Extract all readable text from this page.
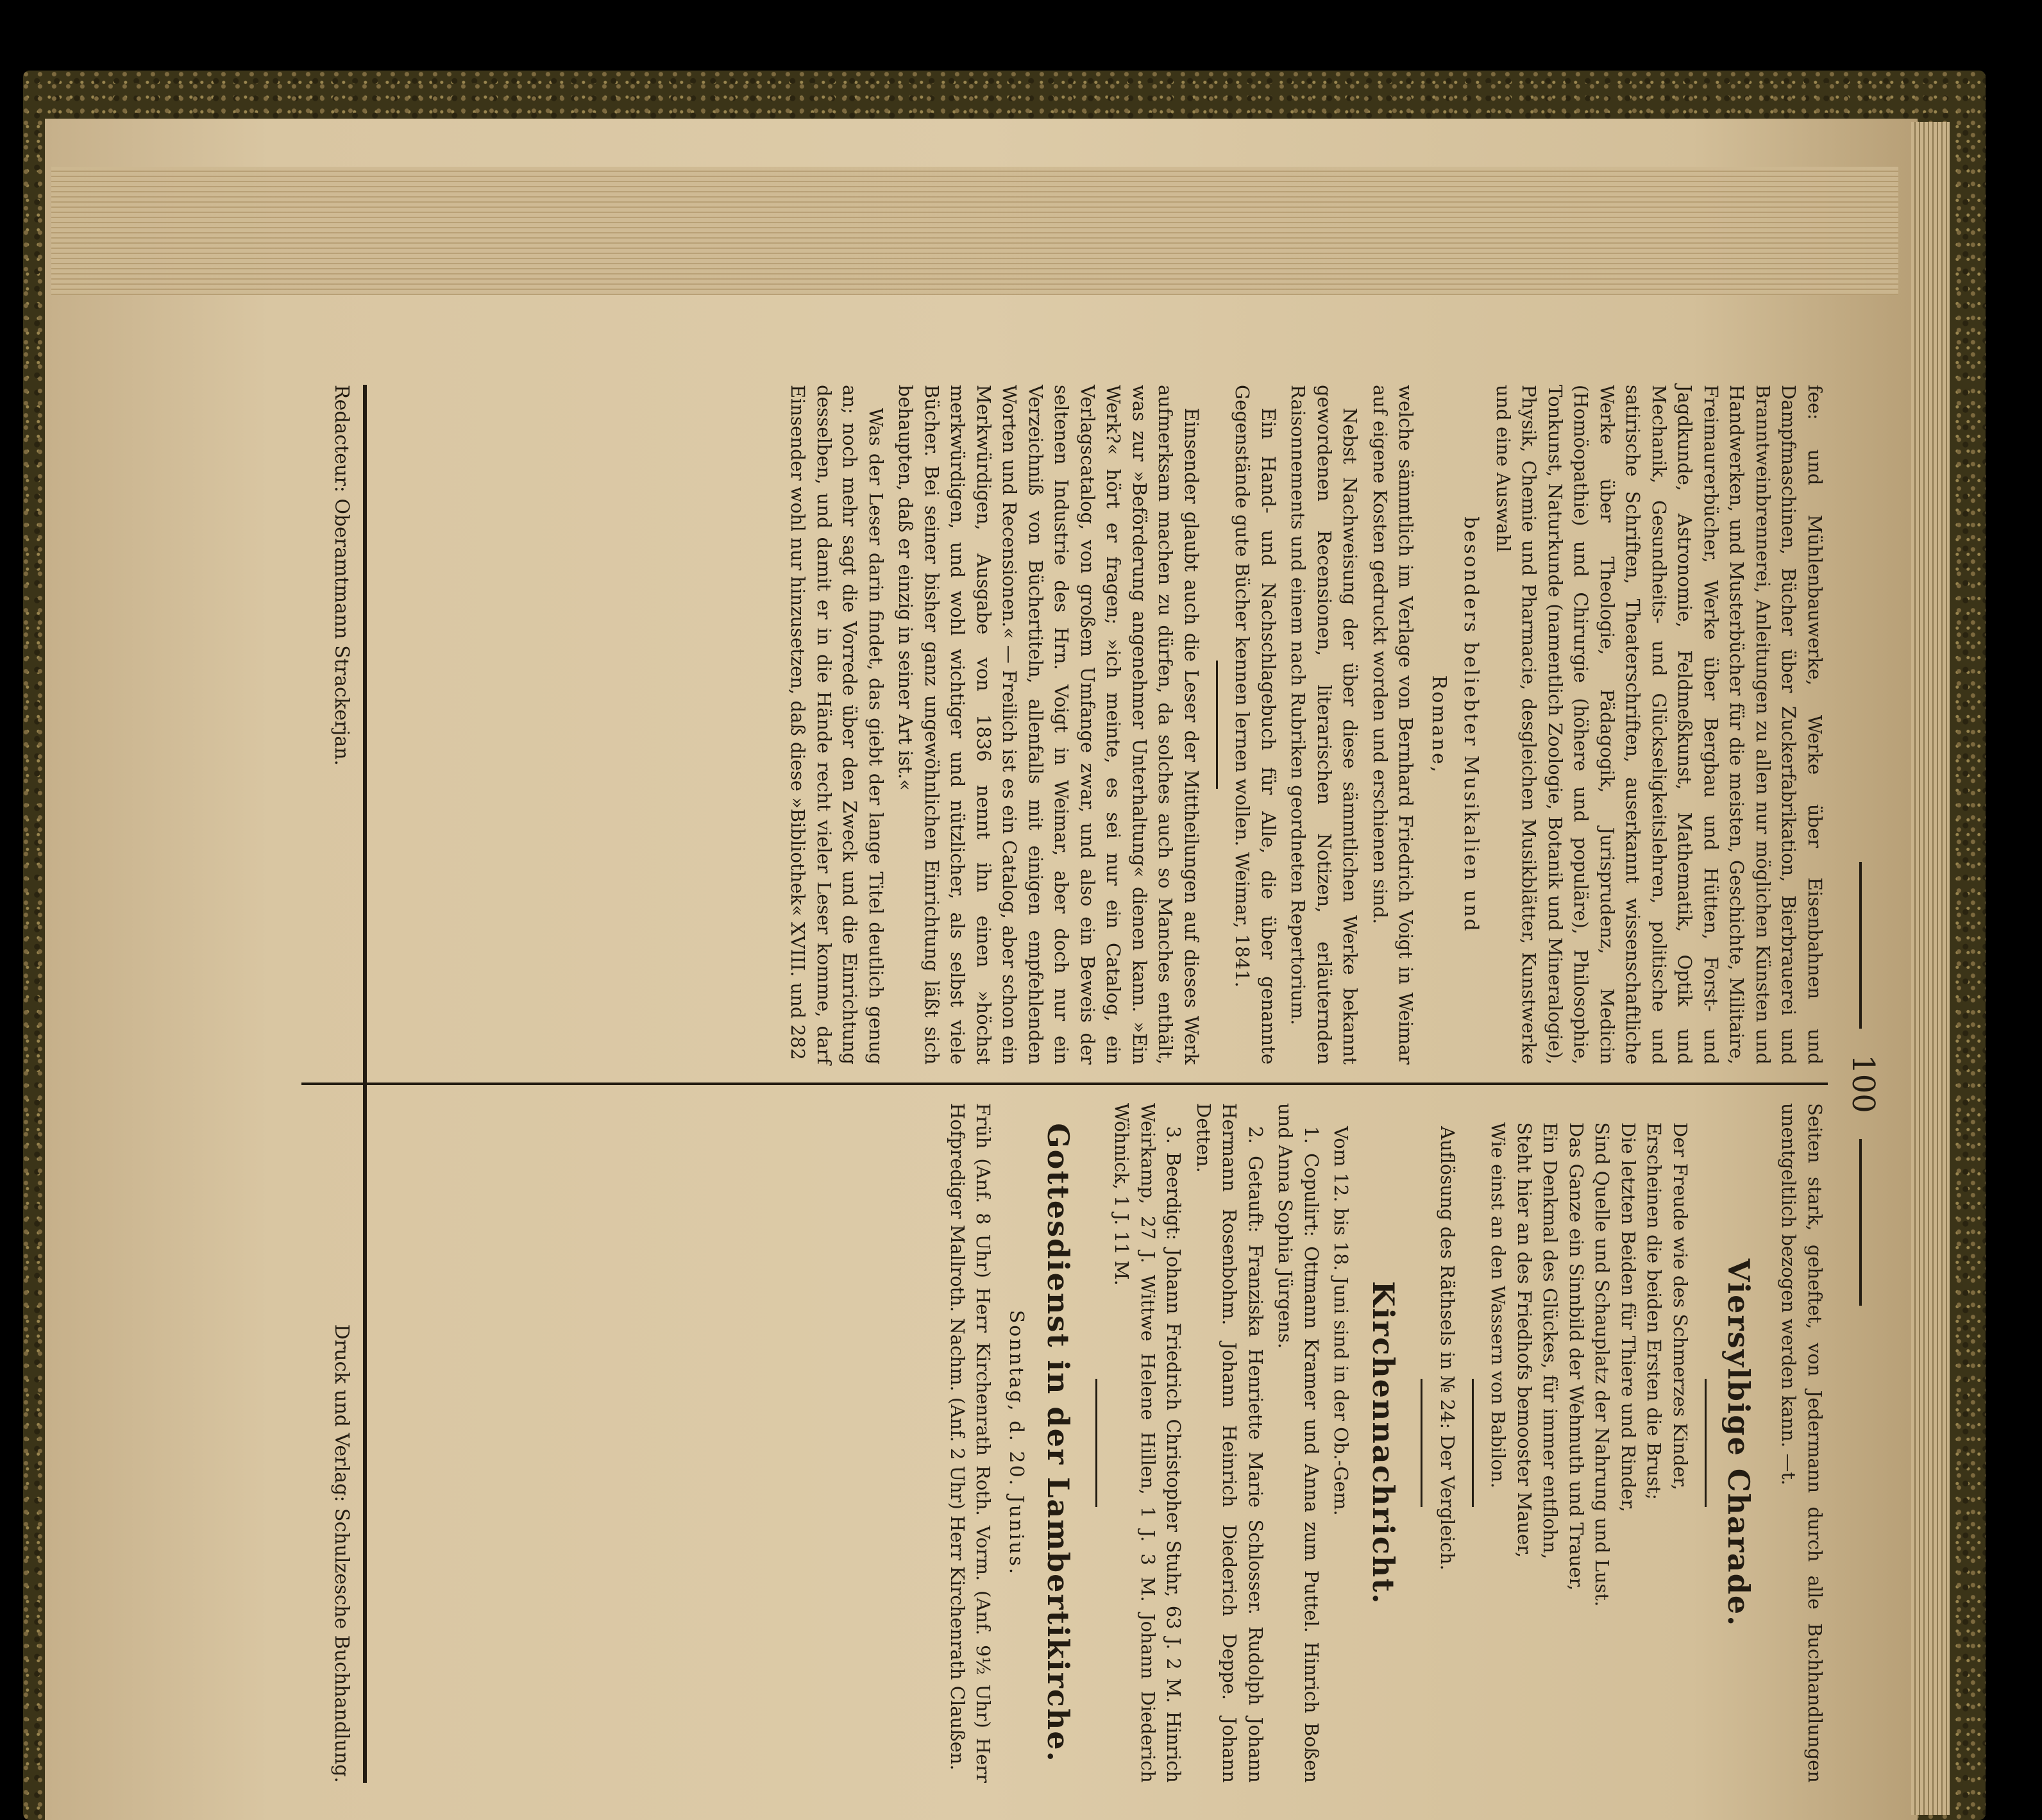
100

fee: und Mühlenbauwerke, Werke über Eisenbahnen und Dampfmaschinen, Bücher über Zuckerfabrikation, Bierbrauerei und Branntweinbrennerei, Anleitungen zu allen nur möglichen Künsten und Handwerken, und Musterbücher für die meisten, Geschichte, Militaire, Freimaurerbücher, Werke über Bergbau und Hütten, Forst- und Jagdkunde, Astronomie, Feldmeßkunst, Mathematik, Optik und Mechanik, Gesundheits- und Glückseligkeitslehren, politische und satirische Schriften, Theaterschriften, auserkannt wissenschaftliche Werke über Theologie, Pädagogik, Jurisprudenz, Medicin (Homöopathie) und Chirurgie (höhere und populäre), Philosophie, Tonkunst, Naturkunde (namentlich Zoologie, Botanik und Mineralogie), Physik, Chemie und Pharmacie, desgleichen Musikblätter, Kunstwerke und eine Auswahl

besonders beliebter Musikalien und
Romane,

welche sämmtlich im Verlage von Bernhard Friedrich Voigt in Weimar auf eigene Kosten gedruckt worden und erschienen sind.

Nebst Nachweisung der über diese sämmtlichen Werke bekannt gewordenen Recensionen, literarischen Notizen, erläuternden Raisonnements und einem nach Rubriken geordneten Repertorium.

Ein Hand- und Nachschlagebuch für Alle, die über genannte Gegenstände gute Bücher kennen lernen wollen. Weimar, 1841.

Einsender glaubt auch die Leser der Mittheilungen auf dieses Werk aufmerksam machen zu dürfen, da solches auch so Manches enthält, was zur »Beförderung angenehmer Unterhaltung« dienen kann. »Ein Werk?« hört er fragen; »ich meinte, es sei nur ein Catalog, ein Verlagscatalog, von großem Umfange zwar, und also ein Beweis der seltenen Industrie des Hrn. Voigt in Weimar, aber doch nur ein Verzeichniß von Büchertiteln, allenfalls mit einigen empfehlenden Worten und Recensionen.« — Freilich ist es ein Catalog, aber schon ein Merkwürdigen, Ausgabe von 1836 nennt ihn einen »höchst merkwürdigen, und wohl wichtiger und nützlicher, als selbst viele Bücher. Bei seiner bisher ganz ungewöhnlichen Einrichtung läßt sich behaupten, daß er einzig in seiner Art ist.«

Was der Leser darin findet, das giebt der lange Titel deutlich genug an; noch mehr sagt die Vorrede über den Zweck und die Einrichtung desselben, und damit er in die Hände recht vieler Leser komme, darf Einsender wohl nur hinzusetzen, daß diese »Bibliothek« XVIII. und 282

Seiten stark, geheftet, von Jedermann durch alle Buchhandlungen unentgeltlich bezogen werden kann. —t.

Viersylbige Charade.

Der Freude wie des Schmerzes Kinder,

Erscheinen die beiden Ersten die Brust;

Die letzten Beiden für Thiere und Rinder,

Sind Quelle und Schauplatz der Nahrung und Lust.

Das Ganze ein Sinnbild der Wehmuth und Trauer,

Ein Denkmal des Glückes, für immer entflohn,

Steht hier an des Friedhofs bemooster Mauer,

Wie einst an den Wassern von Babilon.

Auflösung des Räthsels in № 24: Der Vergleich.

Kirchennachricht.

Vom 12. bis 18. Juni sind in der Ob.-Gem.

1. Copulirt: Ottmann Kramer und Anna zum Puttel. Hinrich Boßen und Anna Sophia Jürgens.

2. Getauft: Franziska Henriette Marie Schlosser. Rudolph Johann Hermann Rosenbohm. Johann Heinrich Diederich Deppe. Johann Detten.

3. Beerdigt: Johann Friedrich Christopher Stuhr, 63 J. 2 M. Hinrich Weirkamp, 27 J. Wittwe Helene Hillen, 1 J. 3 M. Johann Diederich Wöhnick, 1 J. 11 M.

Gottesdienst in der Lambertikirche.
Sonntag, d. 20. Junius.

Früh (Anf. 8 Uhr) Herr Kirchenrath Roth. Vorm. (Anf. 9½ Uhr) Herr Hofprediger Mallroth. Nachm. (Anf. 2 Uhr) Herr Kirchenrath Claußen.

Redacteur: Oberamtmann Strackerjan.
Druck und Verlag: Schulzesche Buchhandlung.
